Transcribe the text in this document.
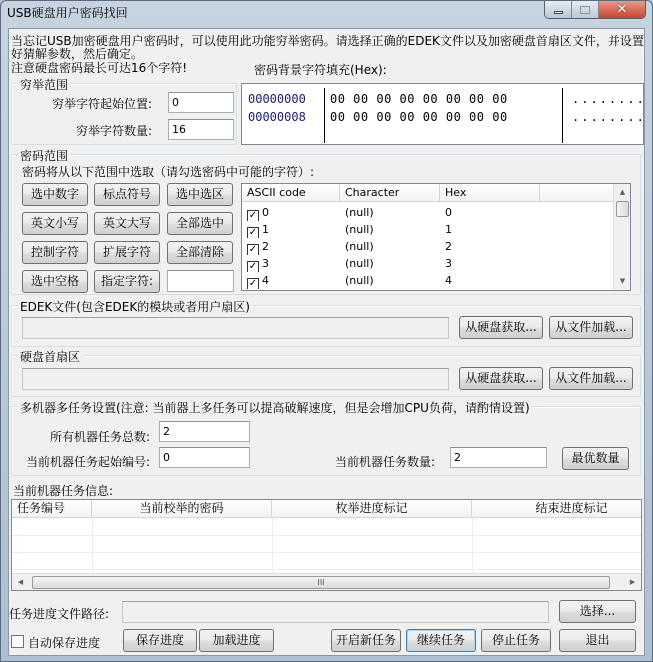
USB硬盘用户密码找回	✕
当忘记USB加密硬盘用户密码时，可以使用此功能穷举密码。请选择正确的EDEK文件以及加密硬盘首扇区文件，并设置
好猜解参数，然后确定。
注意硬盘密码最长可达16个字符!	密码背景字符填充(Hex):
穷举范围
穷举字符起始位置:	0
穷举字符数量:	16
00000000 00 00 00 00 00 00 00 00	........
00000008 00 00 00 00 00 00 00 00	........
密码范围
密码将从以下范围中选取（请勾选密码中可能的字符）:
选中数字	标点符号	选中选区
英文小写	英文大写	全部选中
控制字符	扩展字符	全部清除
选中空格	指定字符:
ASCII code	Character	Hex
✓ 0	(null)	0
✓ 1	(null)	1
✓ 2	(null)	2
✓ 3	(null)	3
✓ 4	(null)	4
▲
▼
EDEK文件(包含EDEK的模块或者用户扇区)
从硬盘获取...	从文件加载...
硬盘首扇区
从硬盘获取...	从文件加载...
多机器多任务设置(注意: 当前器上多任务可以提高破解速度，但是会增加CPU负荷，请酌情设置)
所有机器任务总数:	2
当前机器任务起始编号:	0	当前机器任务数量:	2	最优数量
当前机器任务信息:
任务编号	当前校举的密码	枚举进度标记	结束进度标记
◀	III	▶
任务进度文件路径:	选择...
自动保存进度	保存进度	加载进度	开启新任务	继续任务	停止任务	退出
